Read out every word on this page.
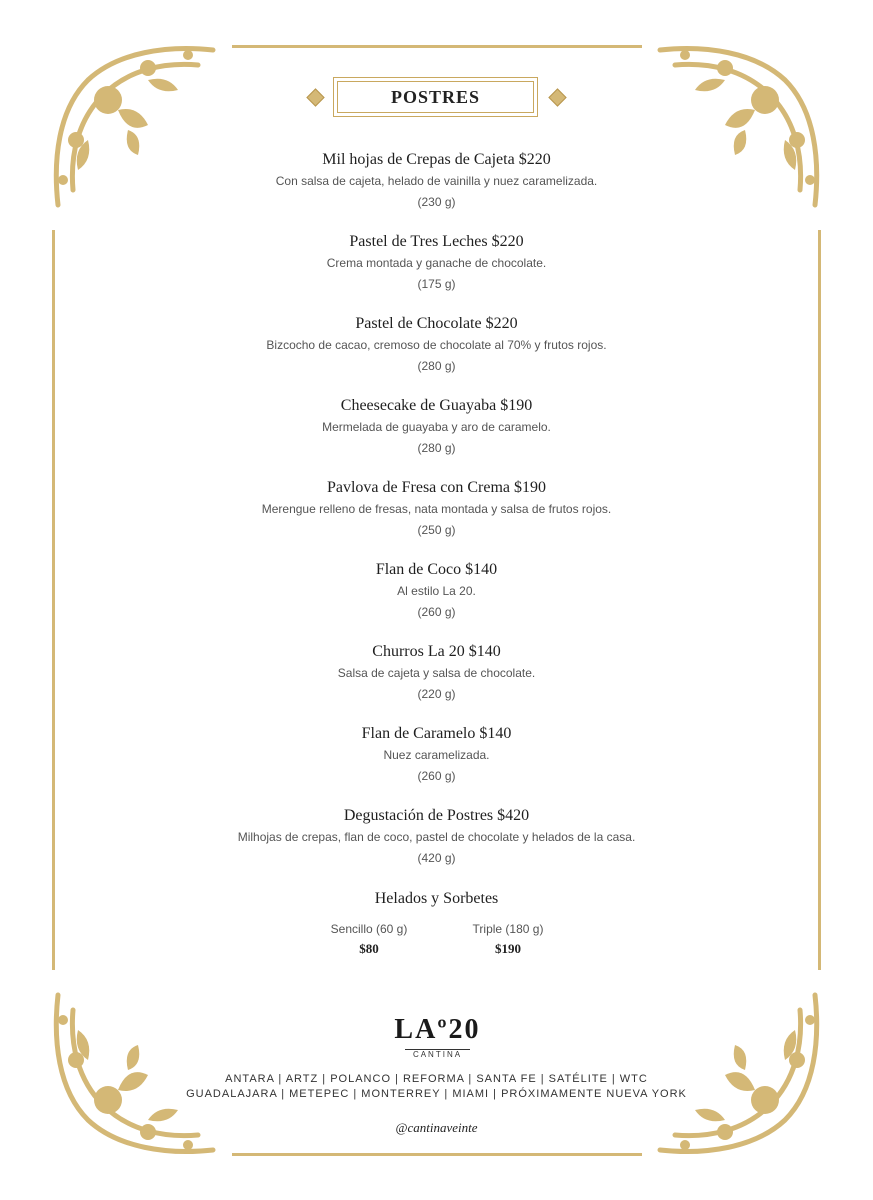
POSTRES
Mil hojas de Crepas de Cajeta $220
Con salsa de cajeta, helado de vainilla y nuez caramelizada.
(230 g)
Pastel de Tres Leches $220
Crema montada y ganache de chocolate.
(175 g)
Pastel de Chocolate $220
Bizcocho de cacao, cremoso de chocolate al 70% y frutos rojos.
(280 g)
Cheesecake de Guayaba $190
Mermelada de guayaba y aro de caramelo.
(280 g)
Pavlova de Fresa con Crema $190
Merengue relleno de fresas, nata montada y salsa de frutos rojos.
(250 g)
Flan de Coco $140
Al estilo La 20.
(260 g)
Churros La 20 $140
Salsa de cajeta y salsa de chocolate.
(220 g)
Flan de Caramelo $140
Nuez caramelizada.
(260 g)
Degustación de Postres $420
Milhojas de crepas, flan de coco, pastel de chocolate y helados de la casa.
(420 g)
Helados y Sorbetes
Sencillo (60 g)
$80
Triple (180 g)
$190
LAº20
CANTINA
ANTARA | ARTZ | POLANCO | REFORMA | SANTA FE | SATÉLITE | WTC
GUADALAJARA | METEPEC | MONTERREY | MIAMI | PRÓXIMAMENTE NUEVA YORK
@cantinaveinte
